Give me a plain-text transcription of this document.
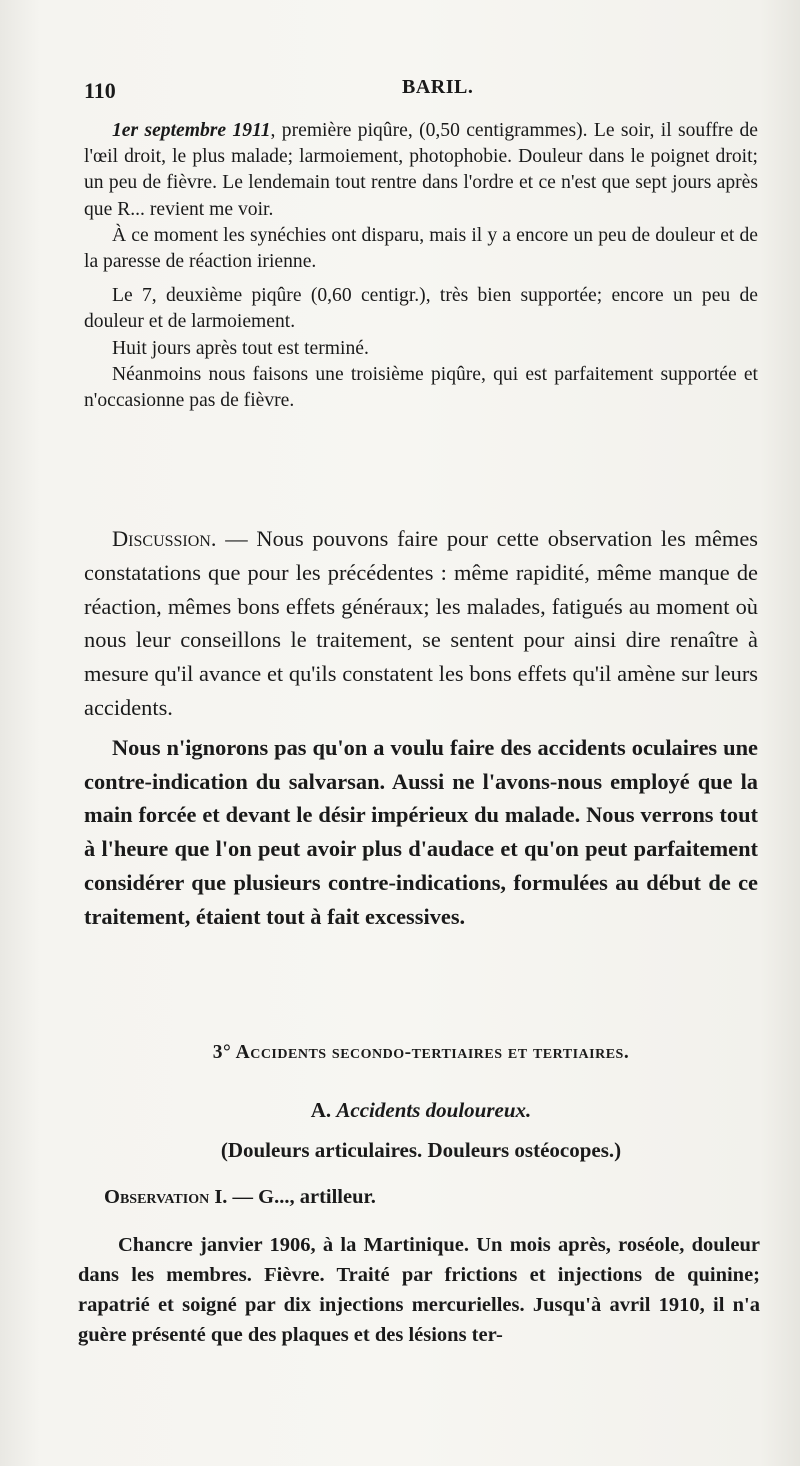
110	BARIL.

1er septembre 1911, première piqûre, (0,50 centigrammes). Le soir, il souffre de l'œil droit, le plus malade; larmoiement, photophobie. Douleur dans le poignet droit; un peu de fièvre. Le lendemain tout rentre dans l'ordre et ce n'est que sept jours après que R... revient me voir.

À ce moment les synéchies ont disparu, mais il y a encore un peu de douleur et de la paresse de réaction irienne.

Le 7, deuxième piqûre (0,60 centigr.), très bien supportée; encore un peu de douleur et de larmoiement.

Huit jours après tout est terminé.

Néanmoins nous faisons une troisième piqûre, qui est parfaitement supportée et n'occasionne pas de fièvre.

Discussion. — Nous pouvons faire pour cette observation les mêmes constatations que pour les précédentes : même rapidité, même manque de réaction, mêmes bons effets généraux; les malades, fatigués au moment où nous leur conseillons le traitement, se sentent pour ainsi dire renaître à mesure qu'il avance et qu'ils constatent les bons effets qu'il amène sur leurs accidents.

Nous n'ignorons pas qu'on a voulu faire des accidents oculaires une contre-indication du salvarsan. Aussi ne l'avons-nous employé que la main forcée et devant le désir impérieux du malade. Nous verrons tout à l'heure que l'on peut avoir plus d'audace et qu'on peut parfaitement considérer que plusieurs contre-indications, formulées au début de ce traitement, étaient tout à fait excessives.

3° Accidents secondo-tertiaires et tertiaires.
A. Accidents douloureux.
(Douleurs articulaires. Douleurs ostéocopes.)
Observation I. — G..., artilleur.

Chancre janvier 1906, à la Martinique. Un mois après, roséole, douleur dans les membres. Fièvre. Traité par frictions et injections de quinine; rapatrié et soigné par dix injections mercurielles. Jusqu'à avril 1910, il n'a guère présenté que des plaques et des lésions ter-
